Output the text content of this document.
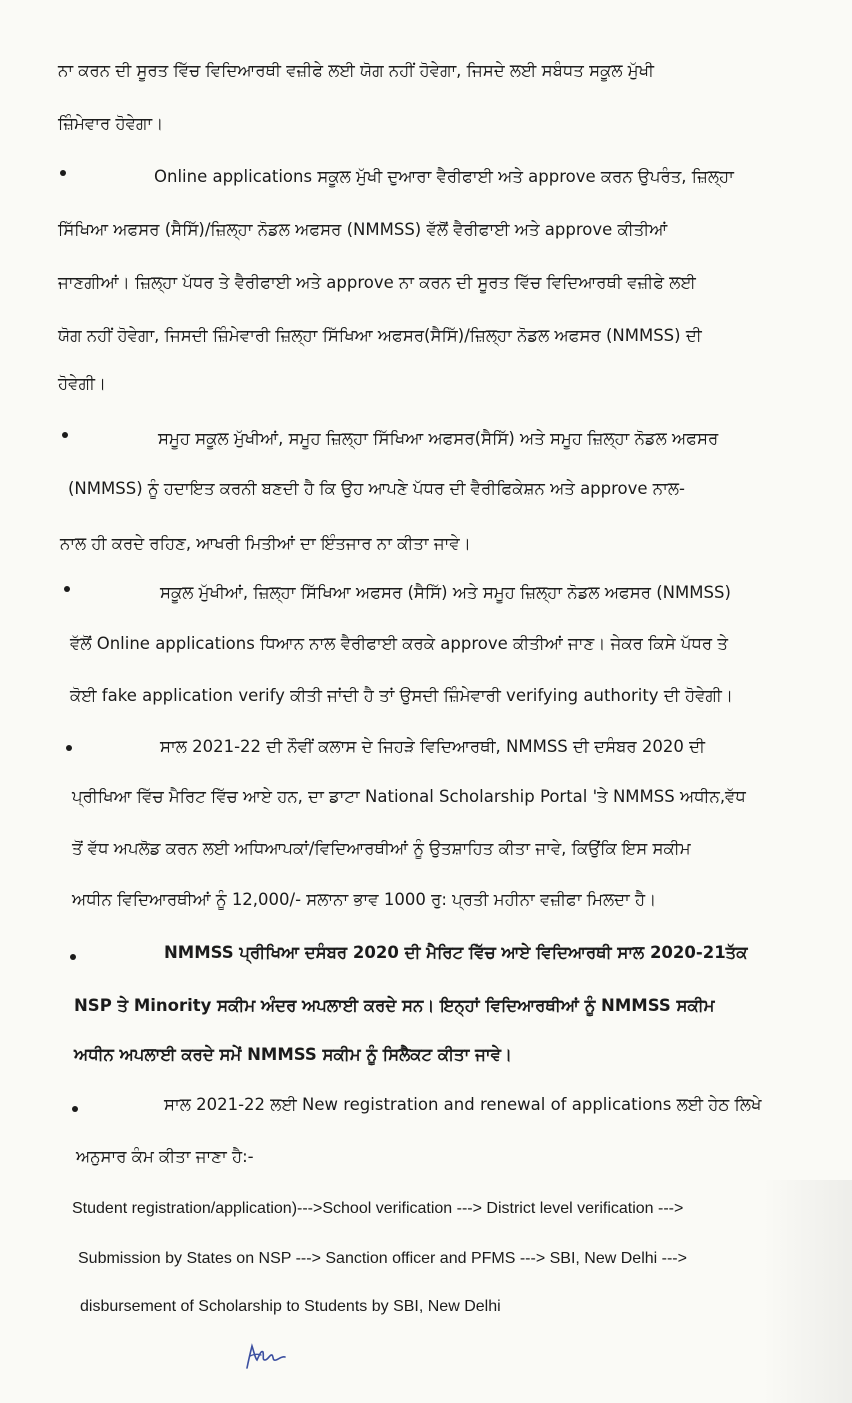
ਨਾ ਕਰਨ ਦੀ ਸੂਰਤ ਵਿੱਚ ਵਿਦਿਆਰਥੀ ਵਜ਼ੀਫੇ ਲਈ ਯੋਗ ਨਹੀਂ ਹੋਵੇਗਾ, ਜਿਸਦੇ ਲਈ ਸਬੰਧਤ ਸਕੂਲ ਮੁੱਖੀ
ਜ਼ਿੰਮੇਵਾਰ ਹੋਵੇਗਾ।
Online applications ਸਕੂਲ ਮੁੱਖੀ ਦੁਆਰਾ ਵੈਰੀਫਾਈ ਅਤੇ approve ਕਰਨ ਉਪਰੰਤ, ਜ਼ਿਲ੍ਹਾ
ਸਿੱਖਿਆ ਅਫਸਰ (ਸੈਸਿੱ)/ਜ਼ਿਲ੍ਹਾ ਨੋਡਲ ਅਫਸਰ (NMMSS) ਵੱਲੋਂ ਵੈਰੀਫਾਈ ਅਤੇ approve ਕੀਤੀਆਂ
ਜਾਣਗੀਆਂ। ਜ਼ਿਲ੍ਹਾ ਪੱਧਰ ਤੇ ਵੈਰੀਫਾਈ ਅਤੇ approve ਨਾ ਕਰਨ ਦੀ ਸੂਰਤ ਵਿੱਚ ਵਿਦਿਆਰਥੀ ਵਜ਼ੀਫੇ ਲਈ
ਯੋਗ ਨਹੀਂ ਹੋਵੇਗਾ, ਜਿਸਦੀ ਜ਼ਿੰਮੇਵਾਰੀ ਜ਼ਿਲ੍ਹਾ ਸਿੱਖਿਆ ਅਫਸਰ(ਸੈਸਿੱ)/ਜ਼ਿਲ੍ਹਾ ਨੋਡਲ ਅਫਸਰ (NMMSS) ਦੀ
ਹੋਵੇਗੀ।
ਸਮੂਹ ਸਕੂਲ ਮੁੱਖੀਆਂ, ਸਮੂਹ ਜ਼ਿਲ੍ਹਾ ਸਿੱਖਿਆ ਅਫਸਰ(ਸੈਸਿੱ) ਅਤੇ ਸਮੂਹ ਜ਼ਿਲ੍ਹਾ ਨੋਡਲ ਅਫਸਰ
(NMMSS) ਨੂੰ ਹਦਾਇਤ ਕਰਨੀ ਬਣਦੀ ਹੈ ਕਿ ਉਹ ਆਪਣੇ ਪੱਧਰ ਦੀ ਵੈਰੀਫਿਕੇਸ਼ਨ ਅਤੇ approve ਨਾਲ-
ਨਾਲ ਹੀ ਕਰਦੇ ਰਹਿਣ, ਆਖਰੀ ਮਿਤੀਆਂ ਦਾ ਇੰਤਜਾਰ ਨਾ ਕੀਤਾ ਜਾਵੇ।
ਸਕੂਲ ਮੁੱਖੀਆਂ, ਜ਼ਿਲ੍ਹਾ ਸਿੱਖਿਆ ਅਫਸਰ (ਸੈਸਿੱ) ਅਤੇ ਸਮੂਹ ਜ਼ਿਲ੍ਹਾ ਨੋਡਲ ਅਫਸਰ (NMMSS)
ਵੱਲੋਂ Online applications ਧਿਆਨ ਨਾਲ ਵੈਰੀਫਾਈ ਕਰਕੇ approve ਕੀਤੀਆਂ ਜਾਣ। ਜੇਕਰ ਕਿਸੇ ਪੱਧਰ ਤੇ
ਕੋਈ fake application verify ਕੀਤੀ ਜਾਂਦੀ ਹੈ ਤਾਂ ਉਸਦੀ ਜ਼ਿੰਮੇਵਾਰੀ verifying authority ਦੀ ਹੋਵੇਗੀ।
ਸਾਲ 2021-22 ਦੀ ਨੌਵੀਂ ਕਲਾਸ ਦੇ ਜਿਹੜੇ ਵਿਦਿਆਰਥੀ, NMMSS ਦੀ ਦਸੰਬਰ 2020 ਦੀ
ਪ੍ਰੀਖਿਆ ਵਿੱਚ ਮੈਰਿਟ ਵਿੱਚ ਆਏ ਹਨ, ਦਾ ਡਾਟਾ National Scholarship Portal 'ਤੇ NMMSS ਅਧੀਨ,ਵੱਧ
ਤੋਂ ਵੱਧ ਅਪਲੋਡ ਕਰਨ ਲਈ ਅਧਿਆਪਕਾਂ/ਵਿਦਿਆਰਥੀਆਂ ਨੂੰ ਉਤਸ਼ਾਹਿਤ ਕੀਤਾ ਜਾਵੇ, ਕਿਉਂਕਿ ਇਸ ਸਕੀਮ
ਅਧੀਨ ਵਿਦਿਆਰਥੀਆਂ ਨੂੰ 12,000/- ਸਲਾਨਾ ਭਾਵ 1000 ਰੁ: ਪ੍ਰਤੀ ਮਹੀਨਾ ਵਜ਼ੀਫਾ ਮਿਲਦਾ ਹੈ।
NMMSS ਪ੍ਰੀਖਿਆ ਦਸੰਬਰ 2020 ਦੀ ਮੈਰਿਟ ਵਿੱਚ ਆਏ ਵਿਦਿਆਰਥੀ ਸਾਲ 2020-21ਤੱਕ
NSP ਤੇ Minority ਸਕੀਮ ਅੰਦਰ ਅਪਲਾਈ ਕਰਦੇ ਸਨ। ਇਨ੍ਹਾਂ ਵਿਦਿਆਰਥੀਆਂ ਨੂੰ NMMSS ਸਕੀਮ
ਅਧੀਨ ਅਪਲਾਈ ਕਰਦੇ ਸਮੇਂ NMMSS ਸਕੀਮ ਨੂੰ ਸਿਲੈਕਟ ਕੀਤਾ ਜਾਵੇ।
ਸਾਲ 2021-22 ਲਈ New registration and renewal of applications ਲਈ ਹੇਠ ਲਿਖੇ
ਅਨੁਸਾਰ ਕੰਮ ਕੀਤਾ ਜਾਣਾ ਹੈ:-
Student registration/application)--->School verification ---> District level verification --->
Submission by States on NSP ---> Sanction officer and PFMS ---> SBI, New Delhi --->
disbursement of Scholarship to Students by SBI, New Delhi
